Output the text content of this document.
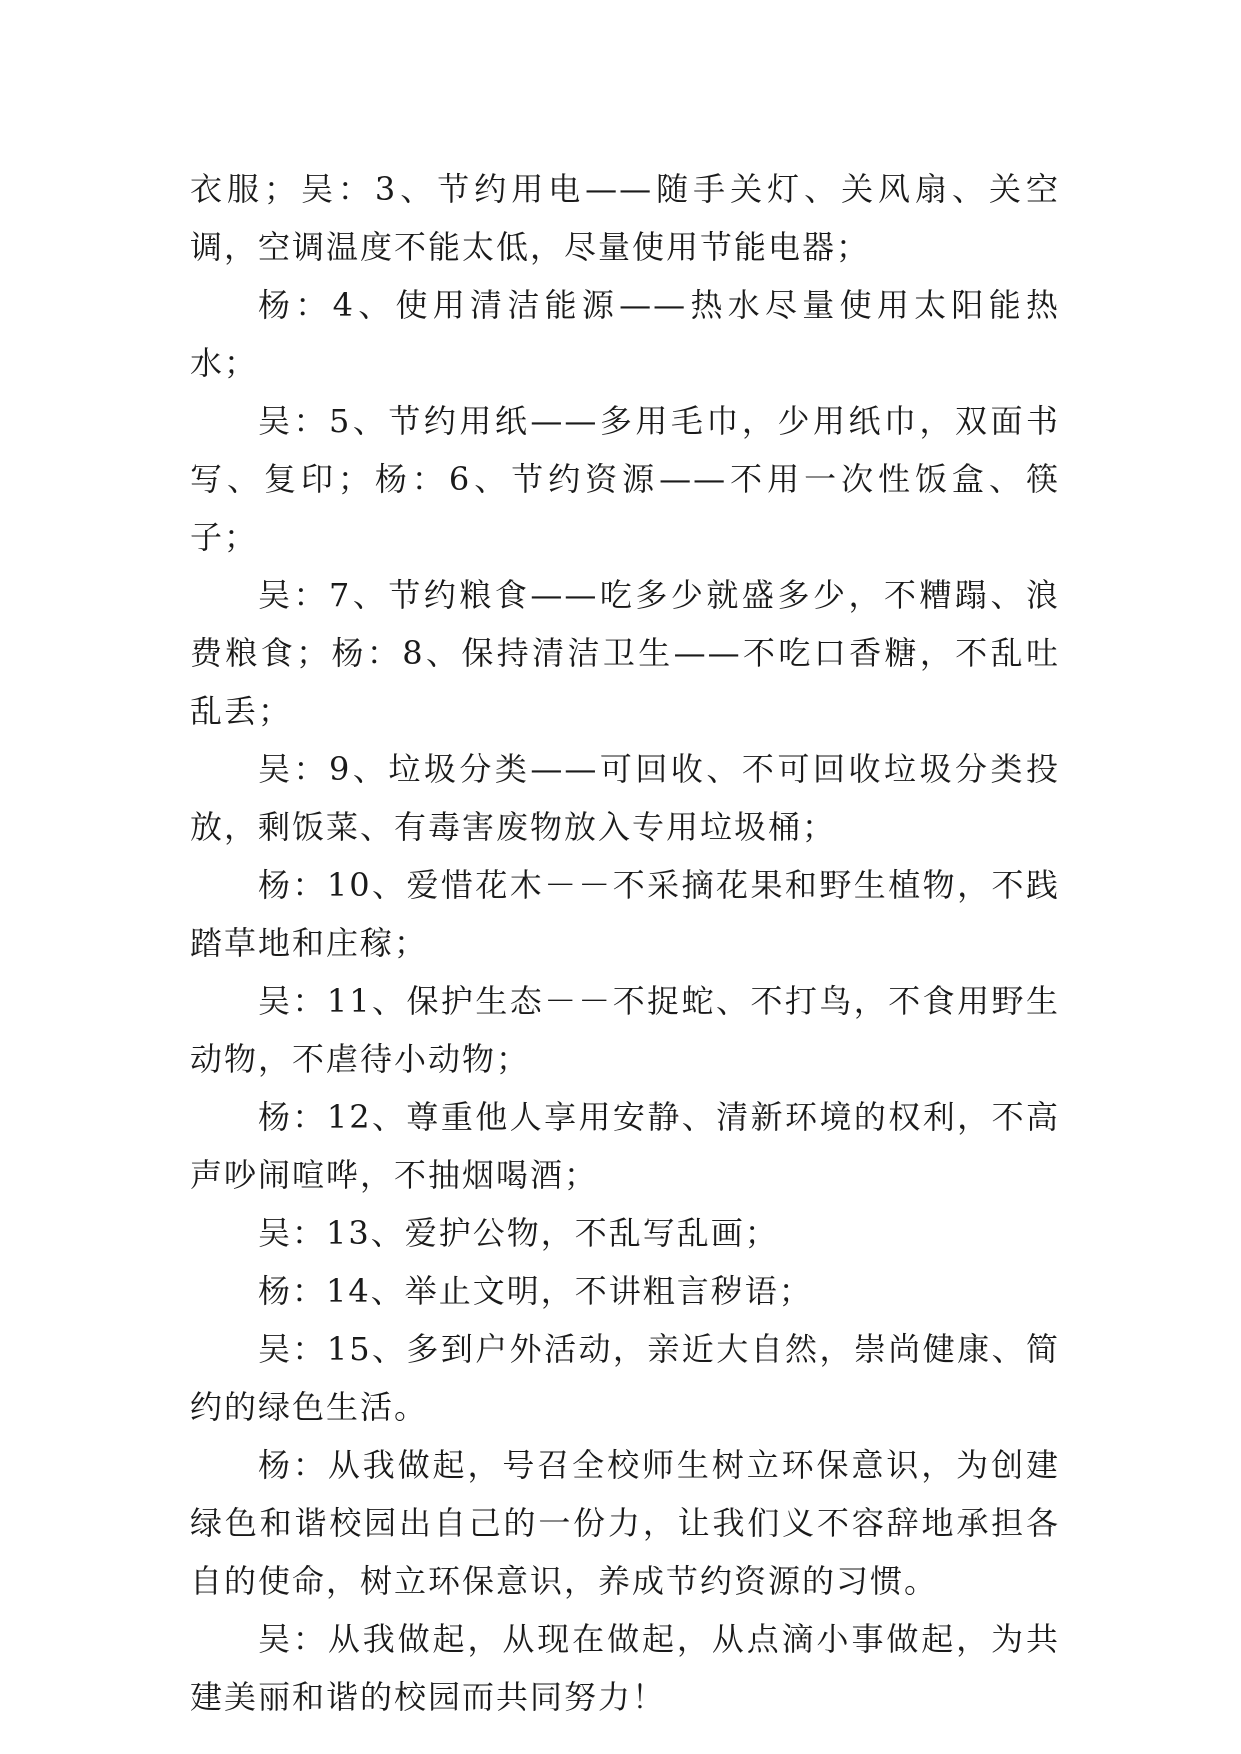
衣服；吴：3、节约用电——随手关灯、关风扇、关空调，空调温度不能太低，尽量使用节能电器；

杨：4、使用清洁能源——热水尽量使用太阳能热水；

吴：5、节约用纸——多用毛巾，少用纸巾，双面书写、复印；杨：6、节约资源——不用一次性饭盒、筷子；

吴：7、节约粮食——吃多少就盛多少，不糟蹋、浪费粮食；杨：8、保持清洁卫生——不吃口香糖，不乱吐乱丢；

吴：9、垃圾分类——可回收、不可回收垃圾分类投放，剩饭菜、有毒害废物放入专用垃圾桶；

杨：10、爱惜花木－－不采摘花果和野生植物，不践踏草地和庄稼；

吴：11、保护生态－－不捉蛇、不打鸟，不食用野生动物，不虐待小动物；

杨：12、尊重他人享用安静、清新环境的权利，不高声吵闹喧哗，不抽烟喝酒；

吴：13、爱护公物，不乱写乱画；

杨：14、举止文明，不讲粗言秽语；

吴：15、多到户外活动，亲近大自然，崇尚健康、简约的绿色生活。

杨：从我做起，号召全校师生树立环保意识，为创建绿色和谐校园出自己的一份力，让我们义不容辞地承担各自的使命，树立环保意识，养成节约资源的习惯。

吴：从我做起，从现在做起，从点滴小事做起，为共建美丽和谐的校园而共同努力！
